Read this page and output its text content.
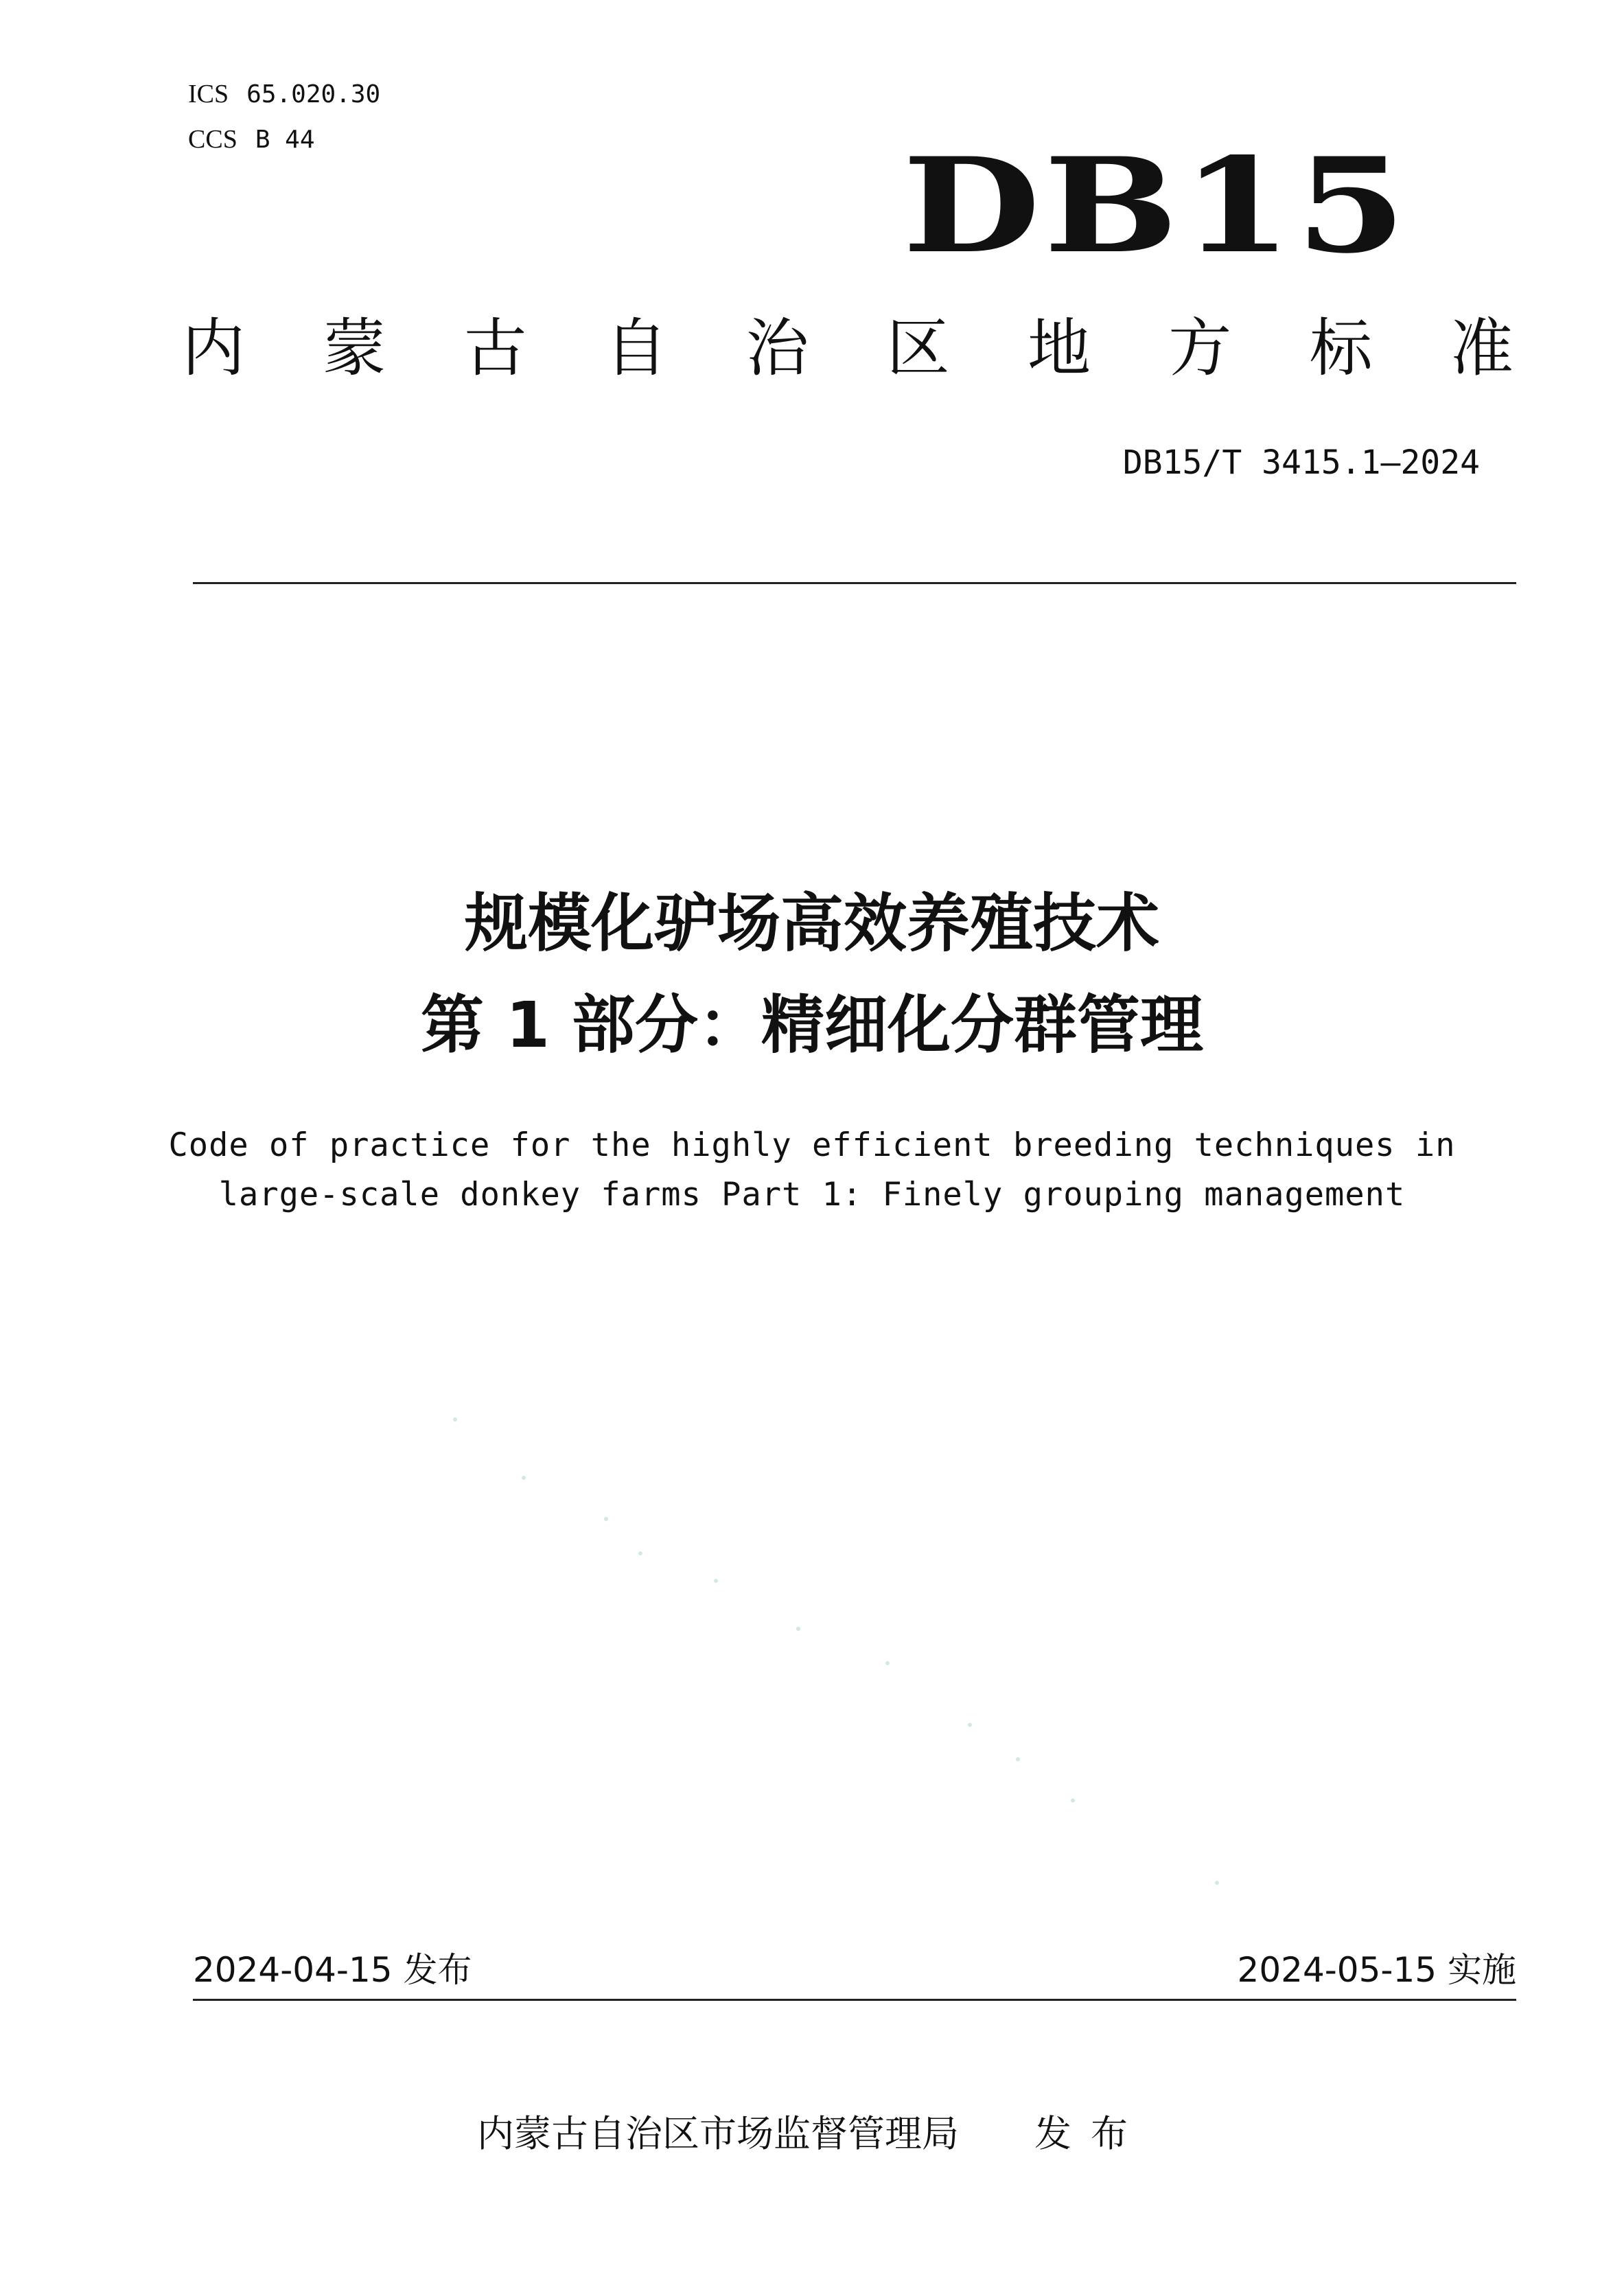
ICS 65.020.30
CCS B 44	DB15
内 蒙 古 自 治 区 地 方 标 准
DB15/T 3415.1—2024
规模化驴场高效养殖技术
第 1 部分：精细化分群管理
Code of practice for the highly efficient breeding techniques in
large-scale donkey farms Part 1: Finely grouping management
2024-04-15 发布	2024-05-15 实施
内蒙古自治区市场监督管理局 发布
